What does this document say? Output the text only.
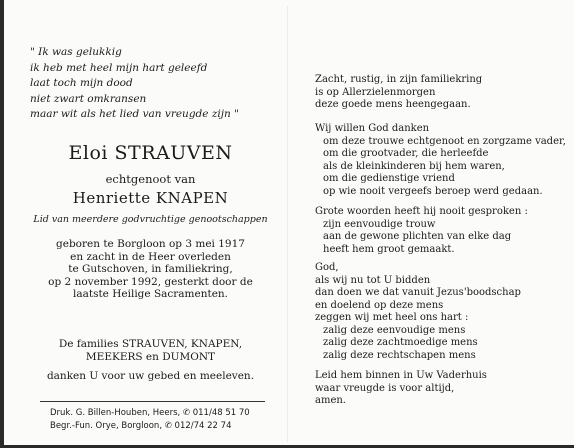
" Ik was gelukkig
ik heb met heel mijn hart geleefd
laat toch mijn dood
niet zwart omkransen
maar wit als het lied van vreugde zijn "
Eloi STRAUVEN
echtgenoot van
Henriette KNAPEN
Lid van meerdere godvruchtige genootschappen
geboren te Borgloon op 3 mei 1917
en zacht in de Heer overleden
te Gutschoven, in familiekring,
op 2 november 1992, gesterkt door de
laatste Heilige Sacramenten.
De families STRAUVEN, KNAPEN,
MEEKERS en DUMONT
danken U voor uw gebed en meeleven.
Druk. G. Billen-Houben, Heers, ✆ 011/48 51 70
Begr.-Fun. Orye, Borgloon, ✆ 012/74 22 74
Zacht, rustig, in zijn familiekring
is op Allerzielenmorgen
deze goede mens heengegaan.
Wij willen God danken
om deze trouwe echtgenoot en zorgzame vader,
om die grootvader, die herleefde
als de kleinkinderen bij hem waren,
om die gedienstige vriend
op wie nooit vergeefs beroep werd gedaan.
Grote woorden heeft hij nooit gesproken :
zijn eenvoudige trouw
aan de gewone plichten van elke dag
heeft hem groot gemaakt.
God,
als wij nu tot U bidden
dan doen we dat vanuit Jezus'boodschap
en doelend op deze mens
zeggen wij met heel ons hart :
zalig deze eenvoudige mens
zalig deze zachtmoedige mens
zalig deze rechtschapen mens
Leid hem binnen in Uw Vaderhuis
waar vreugde is voor altijd,
amen.
